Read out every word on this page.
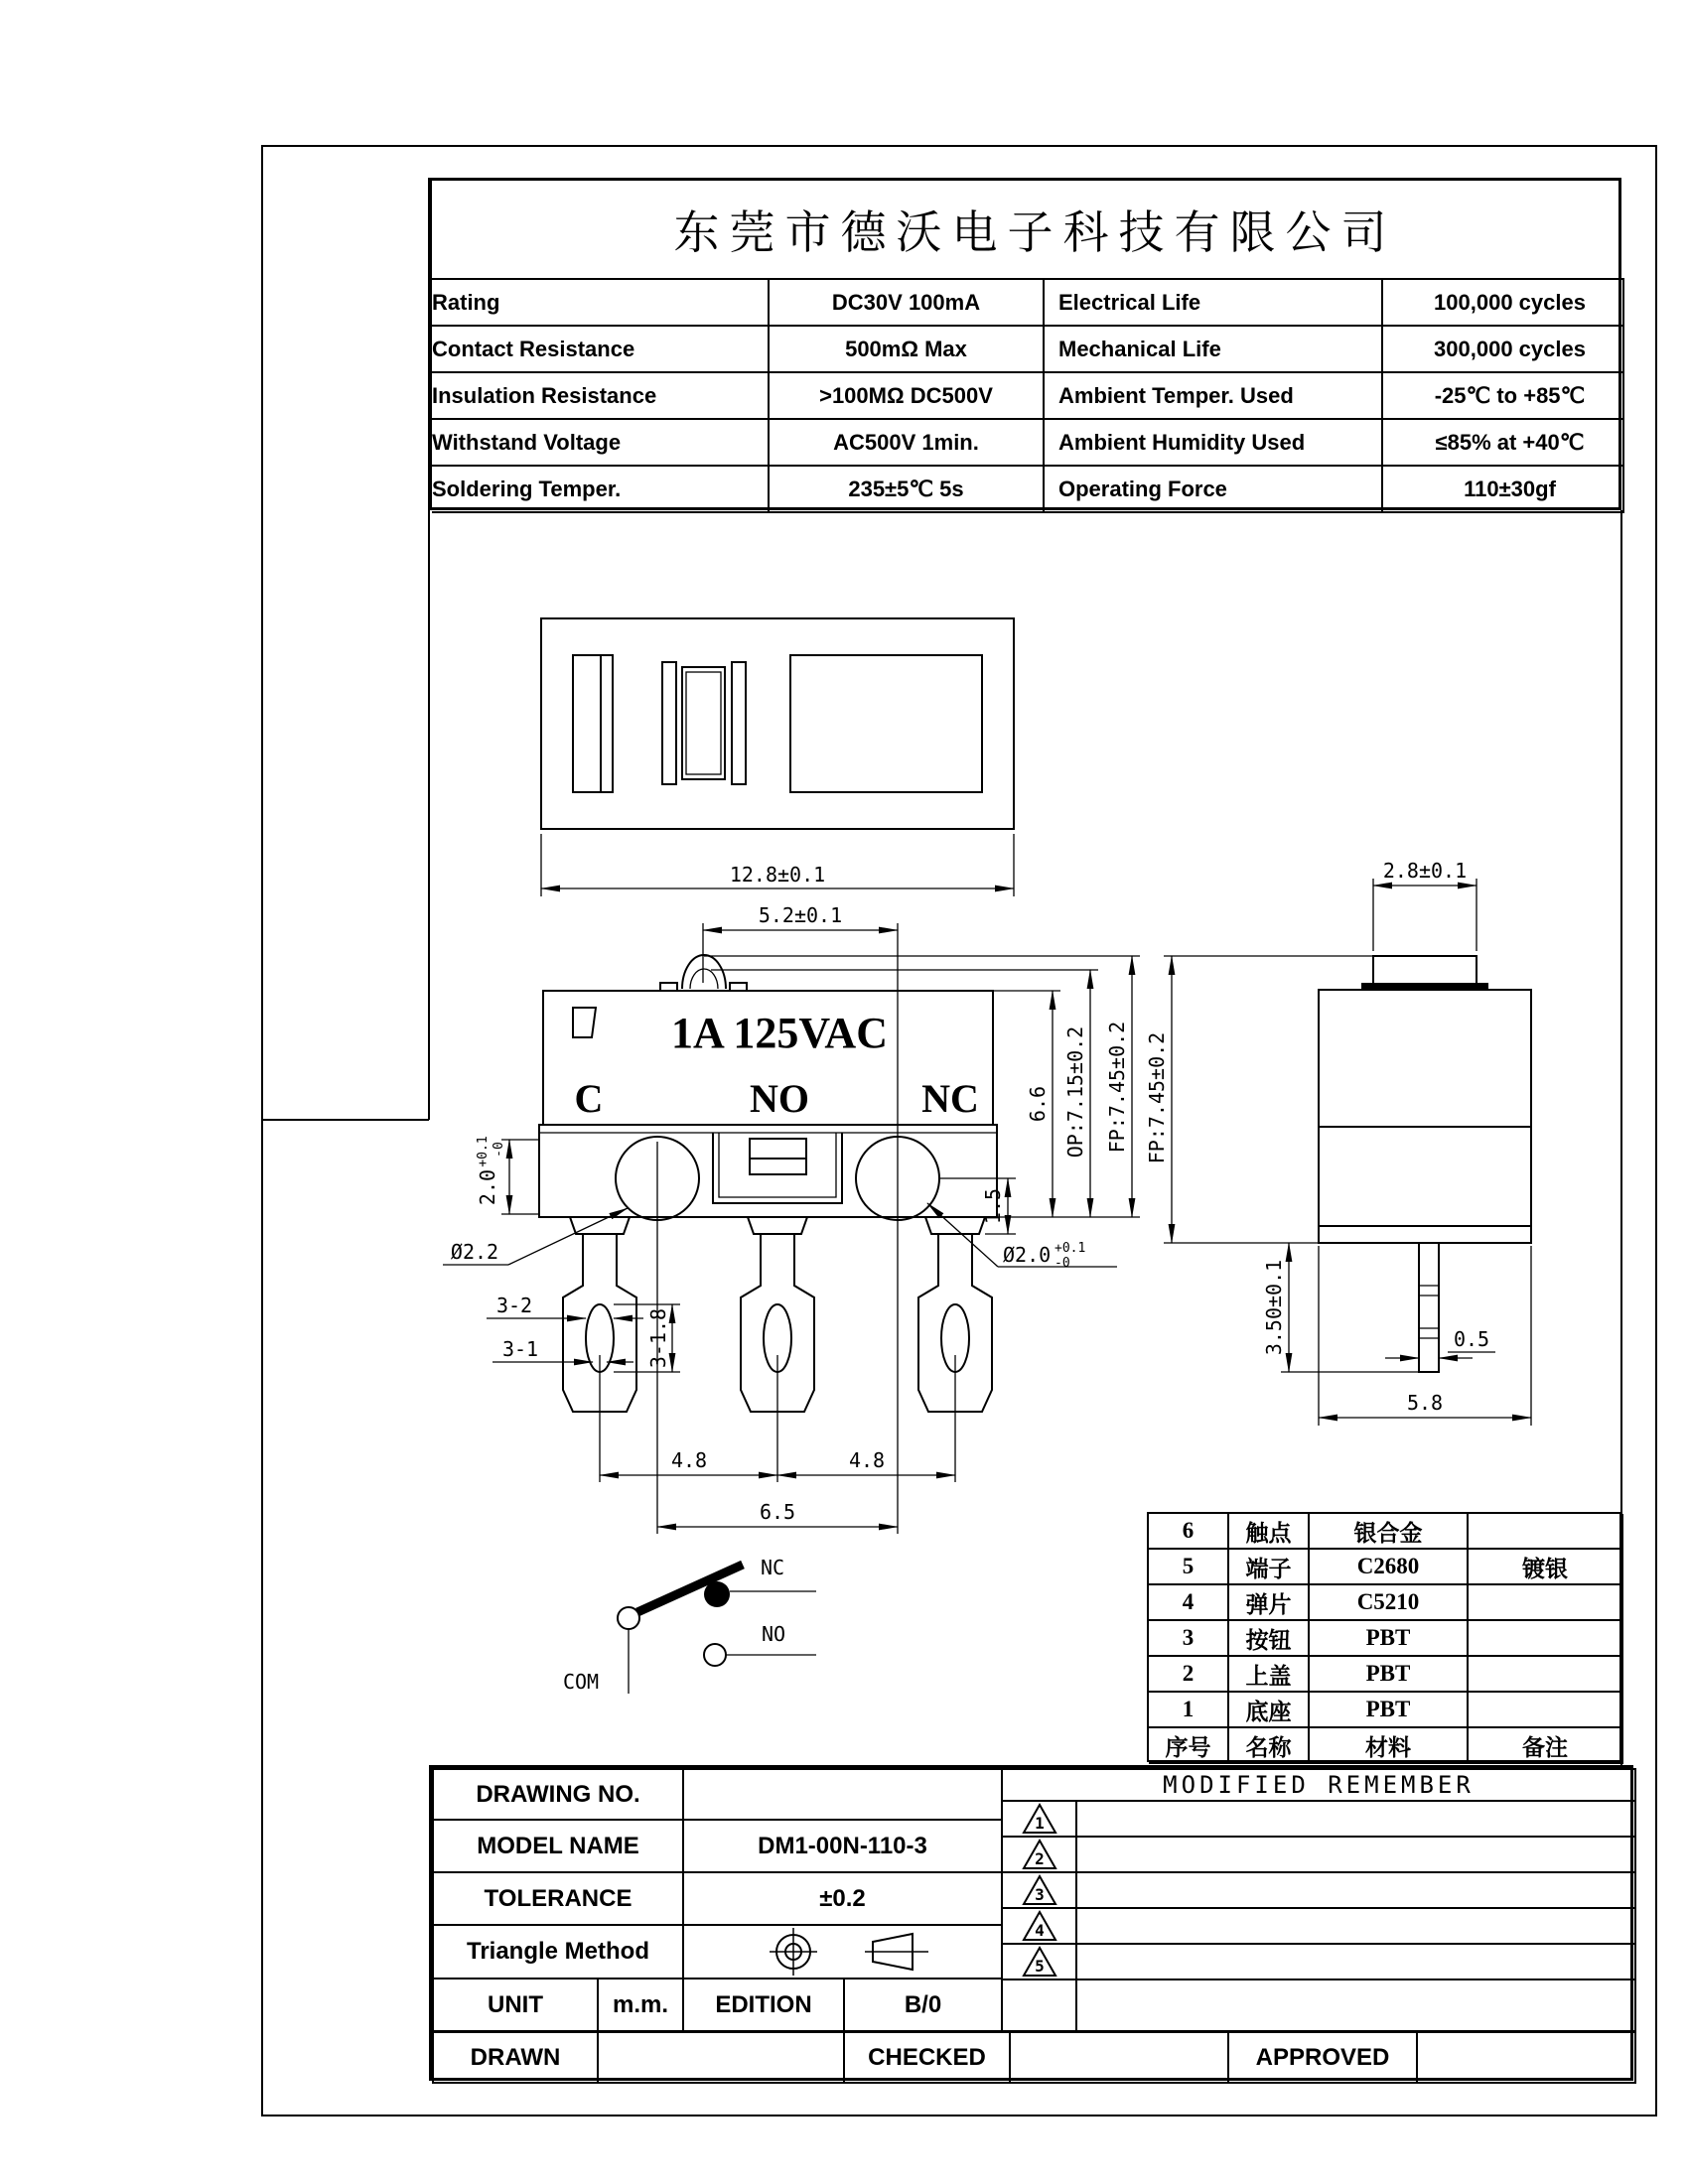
12.8±0.1
1A 125VAC
C	NO	NC
5.2±0.1
6.6 OP:7.15±0.2 FP:7.45±0.2
1.5
2.0
+0.1 -0
Ø2.2	Ø2.0 +0.1
-0
3-2
3-1	3-1.8
4.8	4.8
6.5
2.8±0.1
FP:7.45±0.2
3.50±0.1	0.5
5.8
NC
NO
COM
东莞市德沃电子科技有限公司
Rating	DC30V 100mA	Electrical Life	100,000 cycles
Contact Resistance	500mΩ Max	Mechanical Life	300,000 cycles
Insulation Resistance	>100MΩ DC500V	Ambient Temper. Used	-25℃ to +85℃
Withstand Voltage	AC500V 1min.	Ambient Humidity Used	≤85% at +40℃
Soldering Temper.	235±5℃ 5s	Operating Force	110±30gf
6	触点	银合金
5	端子	C2680	镀银
4	弹片	C5210
3	按钮	PBT
2	上盖	PBT
1	底座	PBT
序号	名称	材料	备注
DRAWING NO.
MODEL NAME	DM1-00N-110-3
TOLERANCE	±0.2
Triangle Method
UNIT	m.m.	EDITION	B/0
MODIFIED REMEMBER
1
2
3
4
5
DRAWN	CHECKED	APPROVED
